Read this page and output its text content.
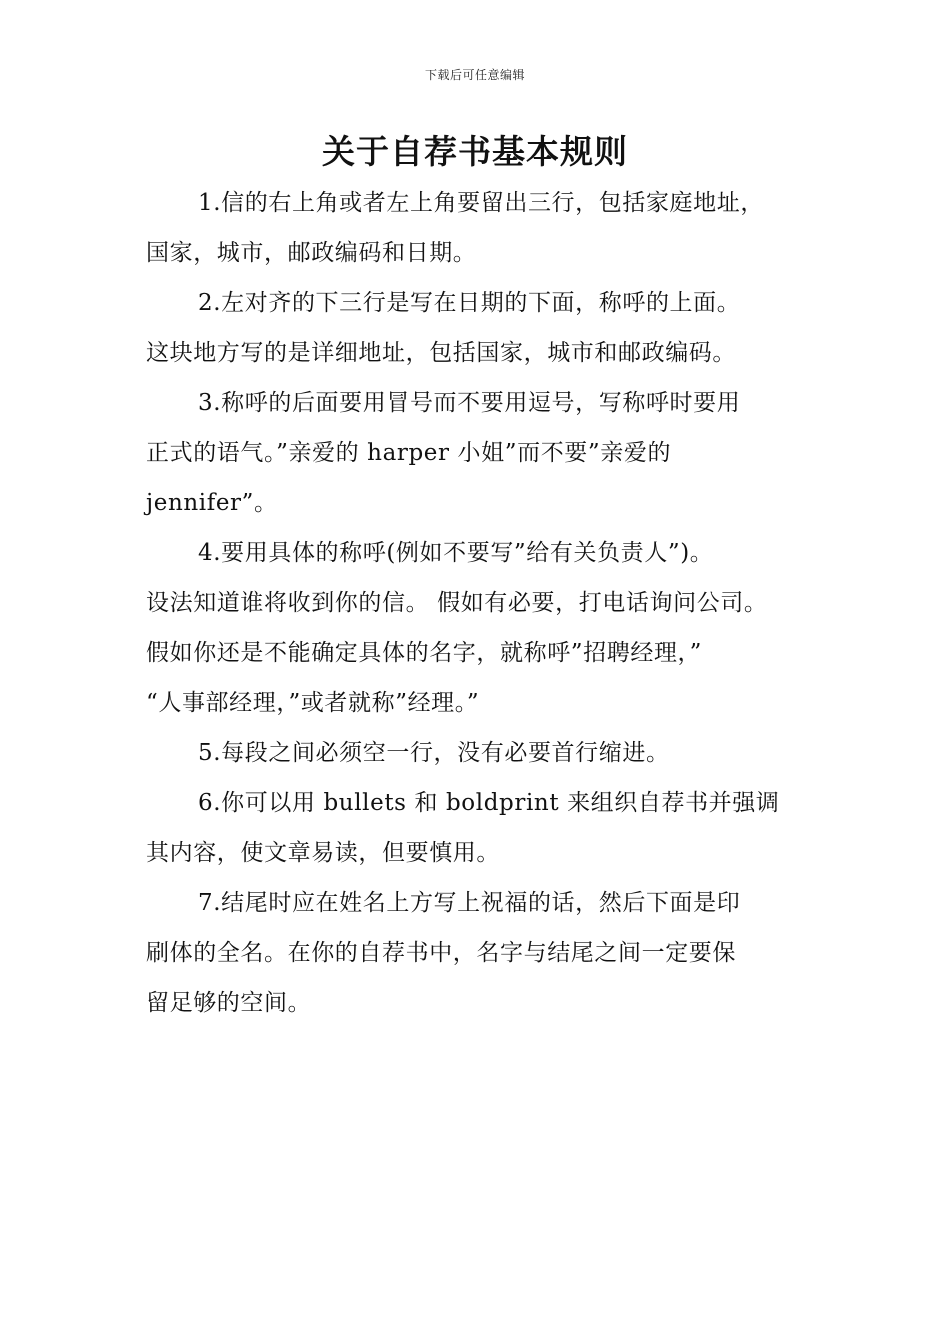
下载后可任意编辑
关于自荐书基本规则

1.信的右上角或者左上角要留出三行，包括家庭地址，
国家，城市，邮政编码和日期。

2.左对齐的下三行是写在日期的下面，称呼的上面。
这块地方写的是详细地址，包括国家，城市和邮政编码。

3.称呼的后面要用冒号而不要用逗号，写称呼时要用
正式的语气。”亲爱的 harper 小姐”而不要”亲爱的
jennifer”。

4.要用具体的称呼(例如不要写”给有关负责人”)。
设法知道谁将收到你的信。 假如有必要，打电话询问公司。
假如你还是不能确定具体的名字，就称呼”招聘经理，”
“人事部经理，”或者就称”经理。”

5.每段之间必须空一行，没有必要首行缩进。

6.你可以用 bullets 和 boldprint 来组织自荐书并强调
其内容，使文章易读，但要慎用。

7.结尾时应在姓名上方写上祝福的话，然后下面是印
刷体的全名。在你的自荐书中，名字与结尾之间一定要保
留足够的空间。
